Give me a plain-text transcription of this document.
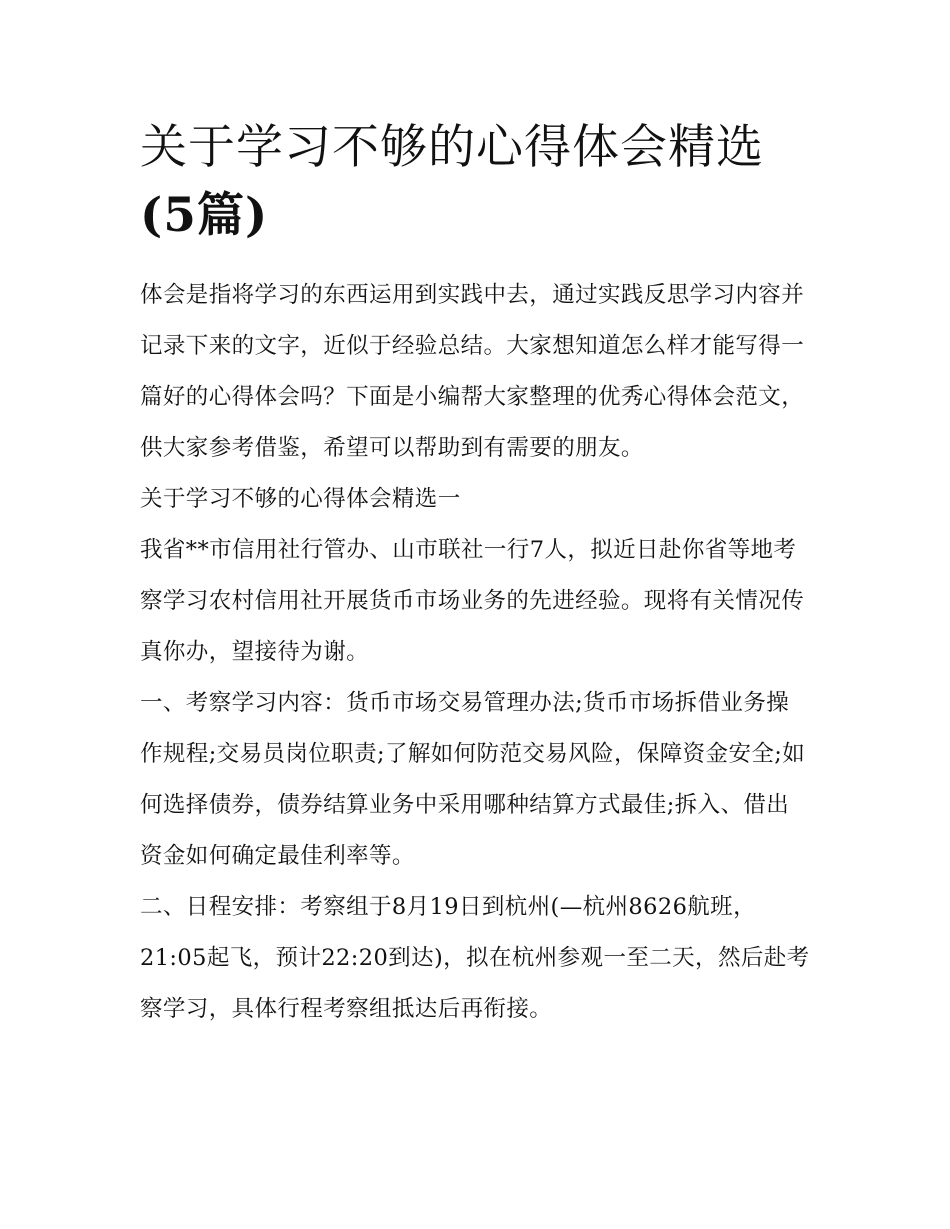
关于学习不够的心得体会精选
(5篇)

体会是指将学习的东西运用到实践中去，通过实践反思学习内容并记录下来的文字，近似于经验总结。大家想知道怎么样才能写得一篇好的心得体会吗？下面是小编帮大家整理的优秀心得体会范文，供大家参考借鉴，希望可以帮助到有需要的朋友。

关于学习不够的心得体会精选一

我省**市信用社行管办、山市联社一行7人，拟近日赴你省等地考察学习农村信用社开展货币市场业务的先进经验。现将有关情况传真你办，望接待为谢。

一、考察学习内容：货币市场交易管理办法;货币市场拆借业务操作规程;交易员岗位职责;了解如何防范交易风险，保障资金安全;如何选择债券，债券结算业务中采用哪种结算方式最佳;拆入、借出资金如何确定最佳利率等。

二、日程安排：考察组于8月19日到杭州(—杭州8626航班，21:05起飞，预计22:20到达)，拟在杭州参观一至二天，然后赴考察学习，具体行程考察组抵达后再衔接。
